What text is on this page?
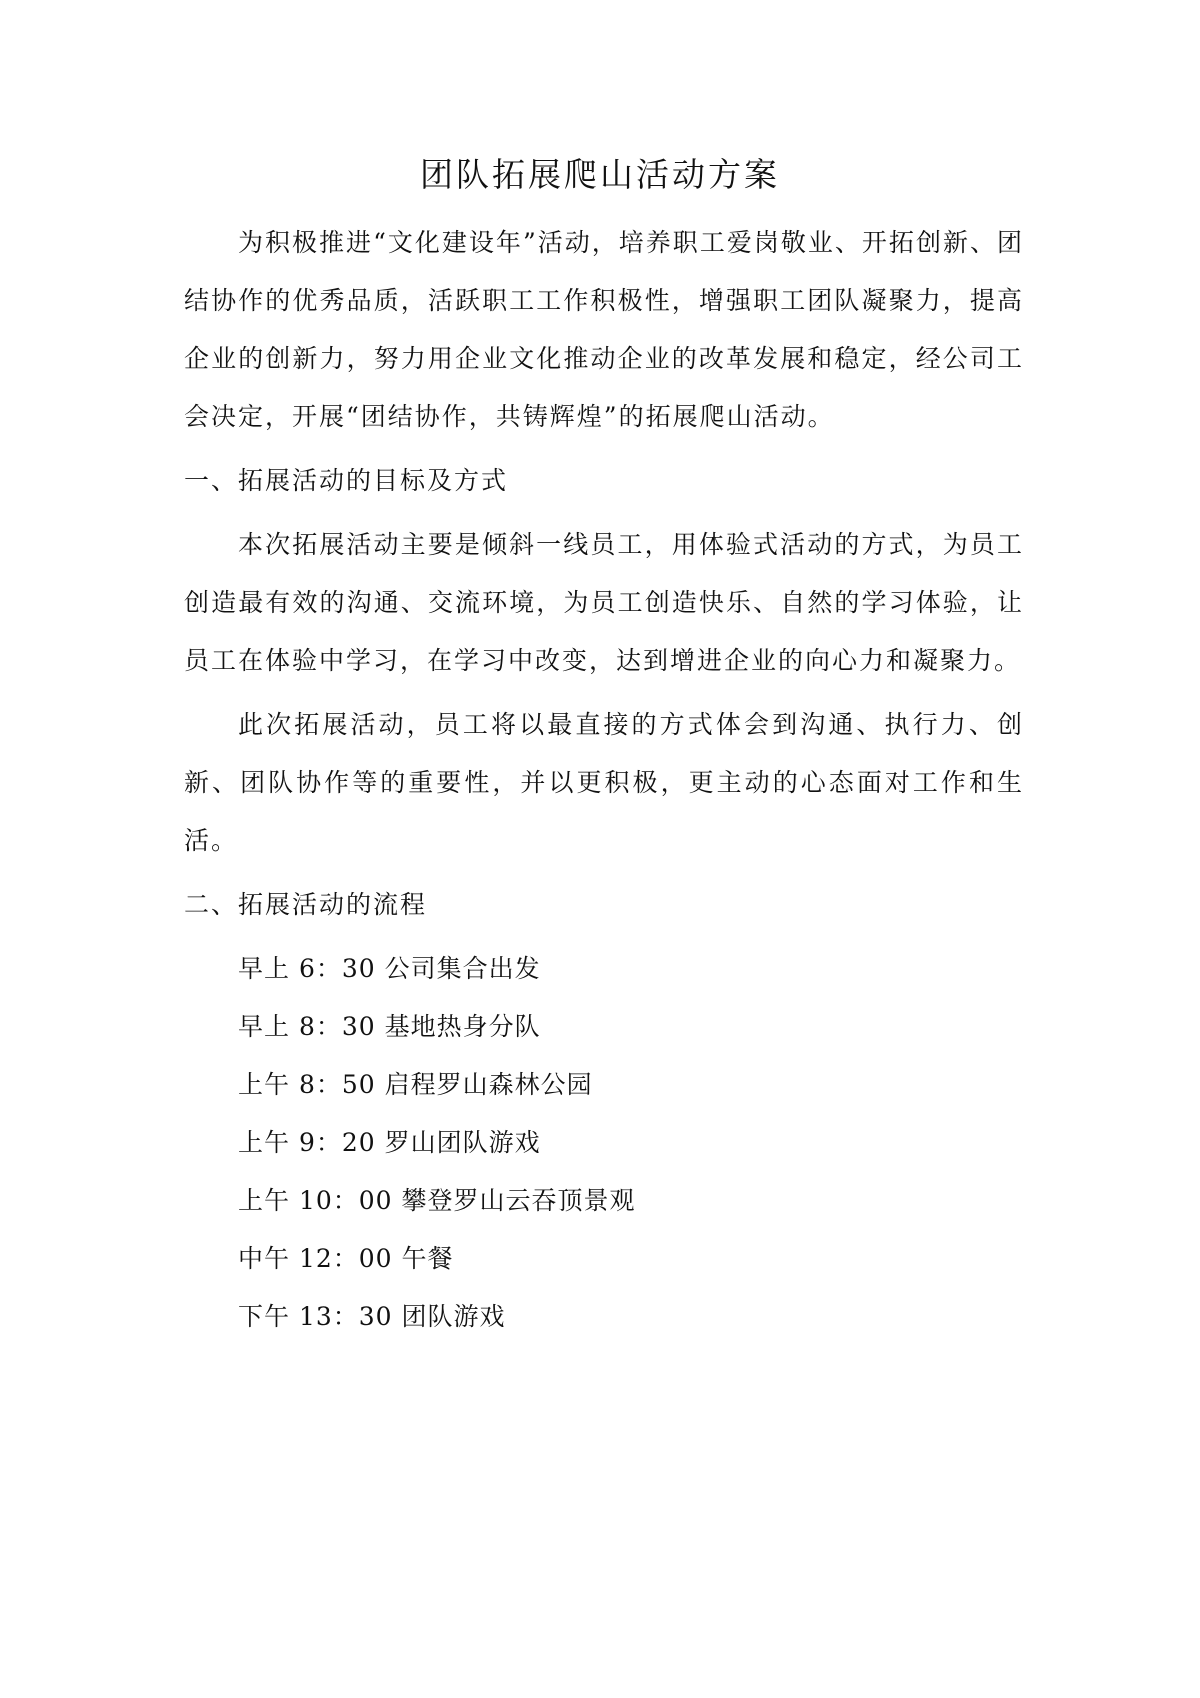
团队拓展爬山活动方案

为积极推进“文化建设年”活动，培养职工爱岗敬业、开拓创新、团结协作的优秀品质，活跃职工工作积极性，增强职工团队凝聚力，提高企业的创新力，努力用企业文化推动企业的改革发展和稳定，经公司工会决定，开展“团结协作，共铸辉煌”的拓展爬山活动。

一、拓展活动的目标及方式

本次拓展活动主要是倾斜一线员工，用体验式活动的方式，为员工创造最有效的沟通、交流环境，为员工创造快乐、自然的学习体验，让员工在体验中学习，在学习中改变，达到增进企业的向心力和凝聚力。

此次拓展活动，员工将以最直接的方式体会到沟通、执行力、创新、团队协作等的重要性，并以更积极，更主动的心态面对工作和生活。

二、拓展活动的流程

早上 6：30 公司集合出发
早上 8：30 基地热身分队
上午 8：50 启程罗山森林公园
上午 9：20 罗山团队游戏
上午 10：00 攀登罗山云吞顶景观
中午 12：00 午餐
下午 13：30 团队游戏
